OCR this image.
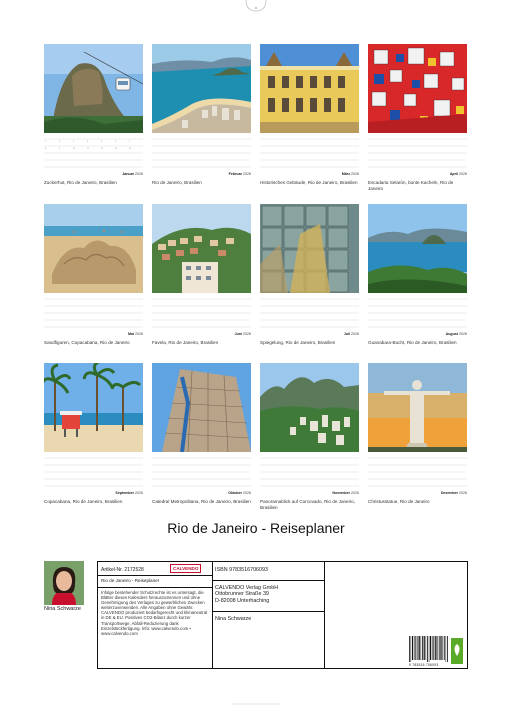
1	2	3	4	5	6	7
8	9	10	11	12	13	14
Januar2026
Zuckerhut, Rio de Janeiro, Brasilien
Februar2026
Rio de Janeiro, Brasilien
März2026
Historisches Gebäude, Rio de Janeiro, Brasilien
April2026
Escadaria Selarón, bunte Kacheln, Rio de Janeiro
Mai2026
Sandfiguren, Copacabana, Rio de Janeiro
Juni2026
Favela, Rio de Janeiro, Brasilien
Juli2026
Spiegelung, Rio de Janeiro, Brasilien
August2026
Guanabara-Bucht, Rio de Janeiro, Brasilien
September2026
Copacabana, Rio de Janeiro, Brasilien
Oktober2026
Catedral Metropolitana, Rio de Janeiro, Brasilien
November2026
Panoramablick auf Corcovado, Rio de Janeiro, Brasilien
Dezember2026
Christusstatue, Rio de Janeiro
Rio de Janeiro - Reiseplaner
Nina Schwarze
Artikel-Nr. 2172528	CALVENDO
Rio de Janeiro - Reiseplaner
Infolge bestehender Schutzrechte ist es untersagt, die Blätter dieses Kalenders herauszutrennen und ohne Genehmigung des Verlages zu gewerblichen Zwecken weiterzuverwenden. Alle Angaben ohne Gewähr. CALVENDO produziert bedarfsgerecht und klimaneutral in DE & EU. Positives CO2-Bilanz durch kurzer Transportwege, Abfall-Reduzierung dank Einzelstückfertigung. Info: www.calvendo.com • www.calvendo.com
ISBN 9783516706093
CALVENDO Verlag GmbH
Ottobrunner Straße 39
D-82008 Unterhaching
Nina Schwarze
9 783516 706093
